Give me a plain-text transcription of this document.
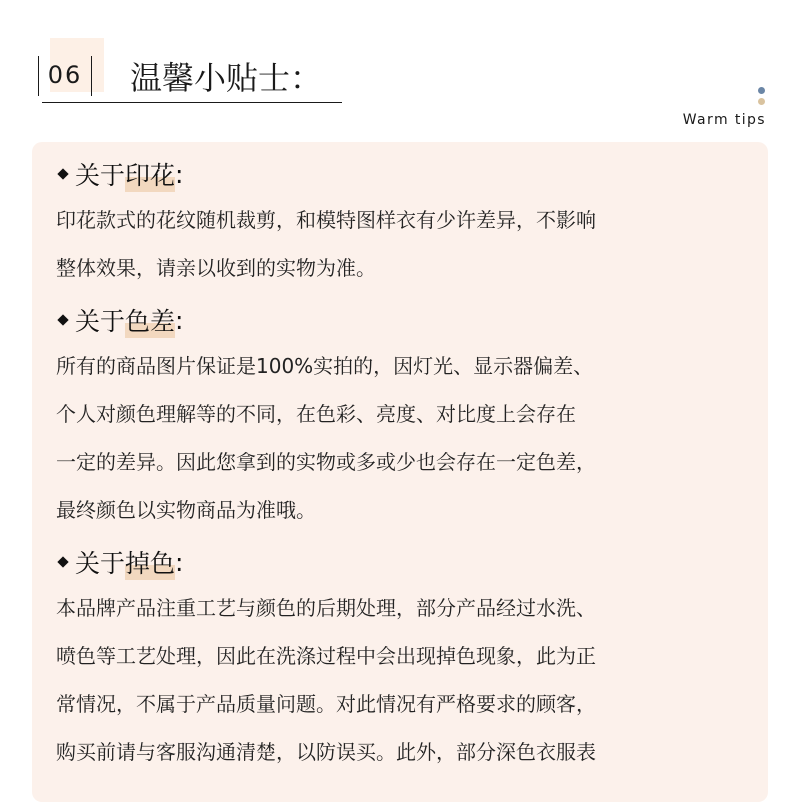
06	温馨小贴士：
Warm tips
关于 印花 :
印花款式的花纹随机裁剪，和模特图样衣有少许差异，不影响
整体效果，请亲以收到的实物为准。
关于 色差 :
所有的商品图片保证是100%实拍的，因灯光、显示器偏差、
个人对颜色理解等的不同，在色彩、亮度、对比度上会存在
一定的差异。因此您拿到的实物或多或少也会存在一定色差，
最终颜色以实物商品为准哦。
关于 掉色 :
本品牌产品注重工艺与颜色的后期处理，部分产品经过水洗、
喷色等工艺处理，因此在洗涤过程中会出现掉色现象，此为正
常情况，不属于产品质量问题。对此情况有严格要求的顾客，
购买前请与客服沟通清楚，以防误买。此外，部分深色衣服表
